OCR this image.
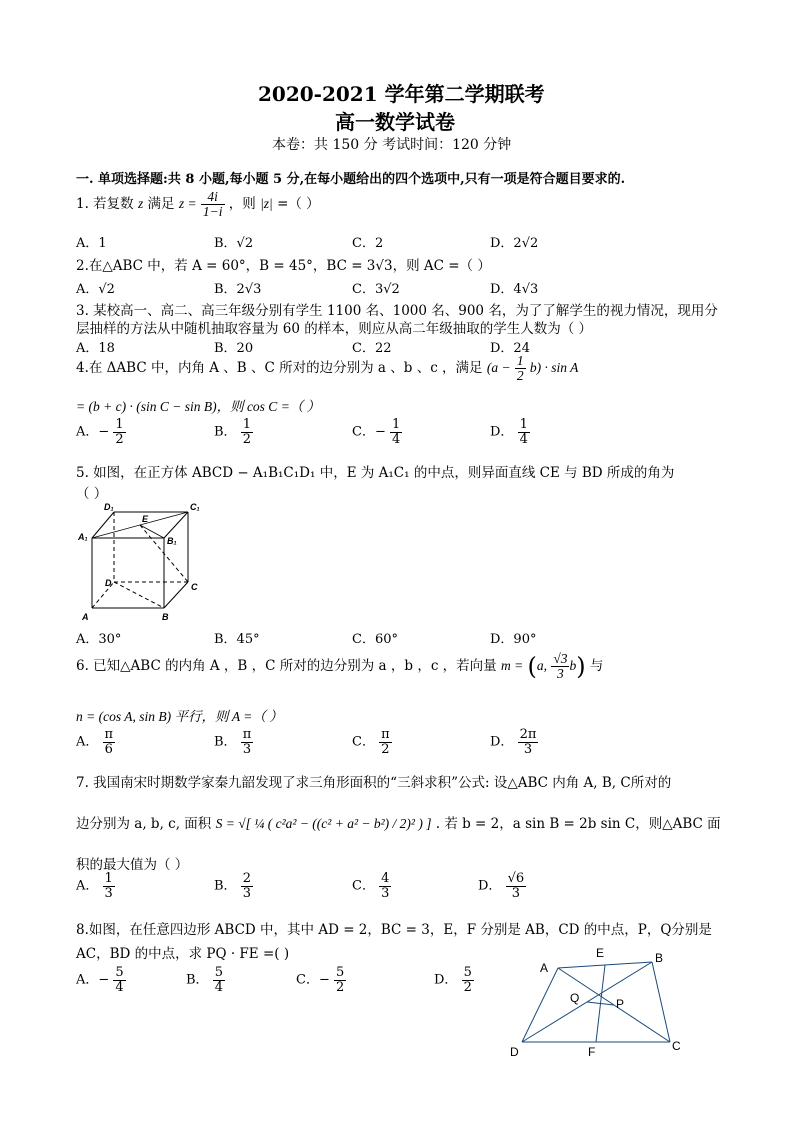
2020-2021 学年第二学期联考
高一数学试卷
本卷：共 150 分 考试时间：120 分钟
一. 单项选择题:共 8 小题,每小题 5 分,在每小题给出的四个选项中,只有一项是符合题目要求的.
1. 若复数 z 满足 $z = \frac{4i}{1-i}$ ，则 |z| =（ ）
A．1	B．√2	C．2	D．2√2
2.在△ABC 中，若 A = 60°，B = 45°，BC = 3√3，则 AC =（ ）
A．√2	B．2√3	C．3√2	D．4√3
3. 某校高一、高二、高三年级分别有学生 1100 名、1000 名、900 名，为了了解学生的视力情况，现用分
层抽样的方法从中随机抽取容量为 60 的样本，则应从高二年级抽取的学生人数为（ ）
A．18	B．20	C．22	D．24
4.在 ΔABC 中，内角 A 、B 、C 所对的边分别为 a 、b 、c ，满足 $(a - \frac{1}{2} b) \cdot \sin A$
= (b + c) · (sin C − sin B)，则 cos C =（ ）
A．− $\frac{1}{2}$	B． $\frac{1}{2}$	C．− $\frac{1}{4}$	D． $\frac{1}{4}$
5. 如图，在正方体 ABCD − A₁B₁C₁D₁ 中，E 为 A₁C₁ 的中点，则异面直线 CE 与 BD 所成的角为
（ ）
D₁	C₁
E
A₁	B₁
D	C
A	B
A．30°	B．45°	C．60°	D．90°
6. 已知△ABC 的内角 A ，B ，C 所对的边分别为 a ，b ，c ，若向量 m = (a, $\frac{√3}{3} b$) 与
n = (cos A, sin B) 平行，则 A =（ ）
A． $\frac{\pi}{6}$	B． $\frac{\pi}{3}$	C． $\frac{\pi}{2}$	D． $\frac{2\pi}{3}$
7. 我国南宋时期数学家秦九韶发现了求三角形面积的“三斜求积”公式: 设△ABC 内角 A, B, C所对的
边分别为 a, b, c, 面积 S = √[ ¼ ( c²a² − ((c² + a² − b²) / 2)² ) ] . 若 b = 2，a sin B = 2b sin C，则△ABC 面
积的最大值为（ ）
A． $\frac{1}{3}$	B． $\frac{2}{3}$	C． $\frac{4}{3}$	D． $\frac{√6}{3}$
8.如图，在任意四边形 ABCD 中，其中 AD = 2，BC = 3，E，F 分别是 AB，CD 的中点，P，Q分别是
AC，BD 的中点，求 PQ · FE =( )
A．− $\frac{5}{4}$	B． $\frac{5}{4}$	C．− $\frac{5}{2}$	D． $\frac{5}{2}$	A
E	B
Q	P
D	F	C
